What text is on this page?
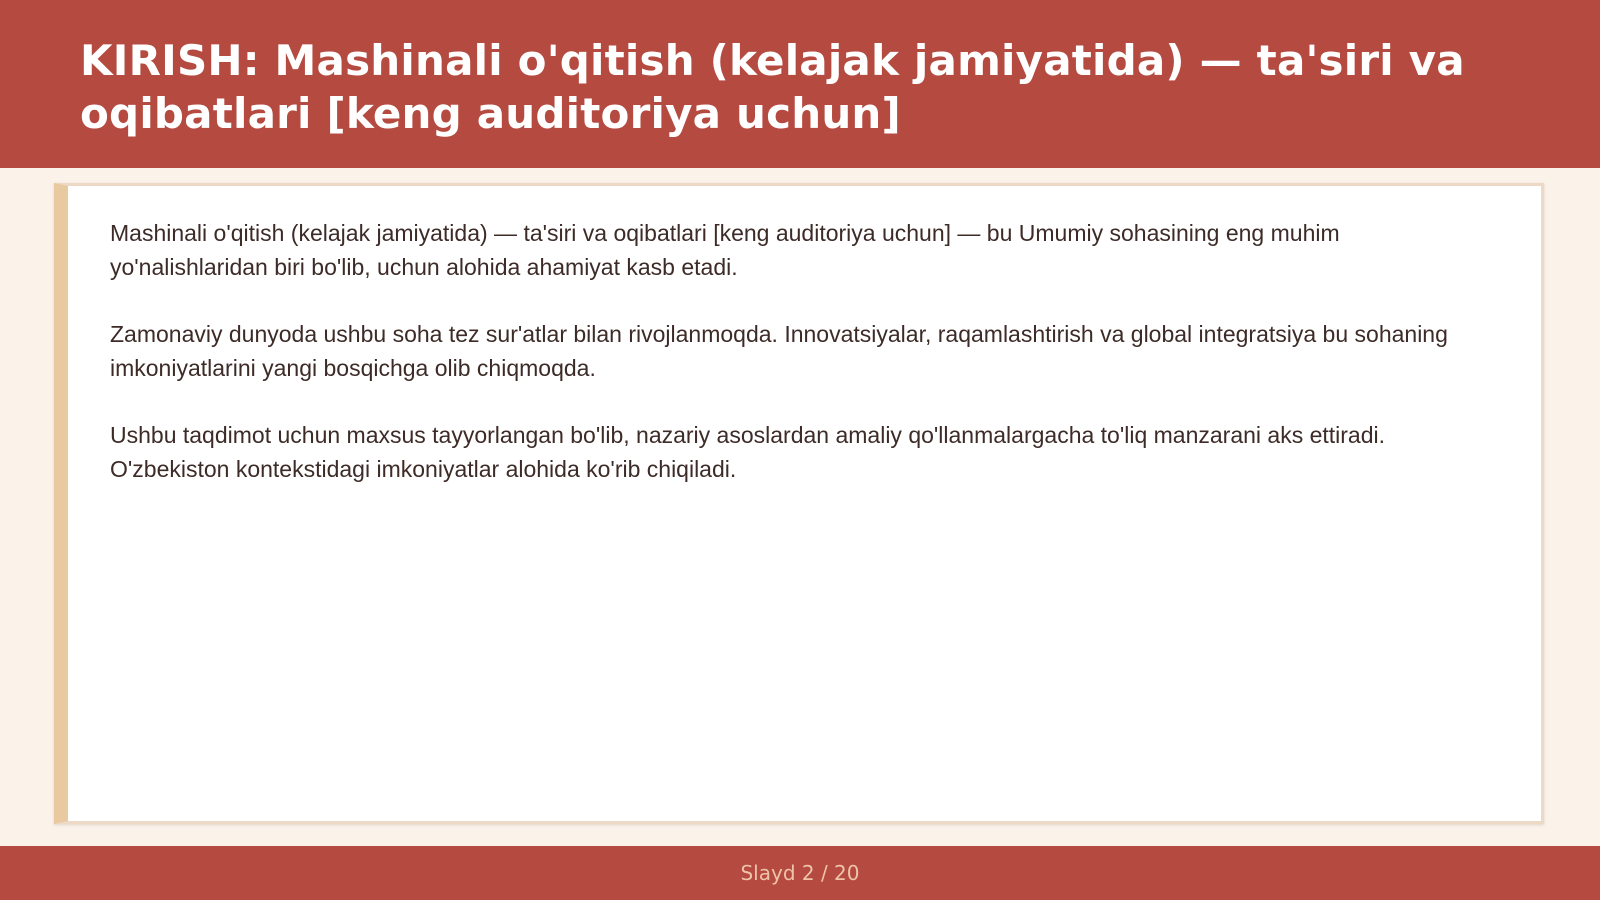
KIRISH: Mashinali o'qitish (kelajak jamiyatida) — ta'siri va oqibatlari [keng auditoriya uchun]

Mashinali o'qitish (kelajak jamiyatida) — ta'siri va oqibatlari [keng auditoriya uchun] — bu Umumiy sohasining eng muhim yo'nalishlaridan biri bo'lib, uchun alohida ahamiyat kasb etadi.

Zamonaviy dunyoda ushbu soha tez sur'atlar bilan rivojlanmoqda. Innovatsiyalar, raqamlashtirish va global integratsiya bu sohaning imkoniyatlarini yangi bosqichga olib chiqmoqda.

Ushbu taqdimot uchun maxsus tayyorlangan bo'lib, nazariy asoslardan amaliy qo'llanmalargacha to'liq manzarani aks ettiradi. O'zbekiston kontekstidagi imkoniyatlar alohida ko'rib chiqiladi.

Slayd 2 / 20
